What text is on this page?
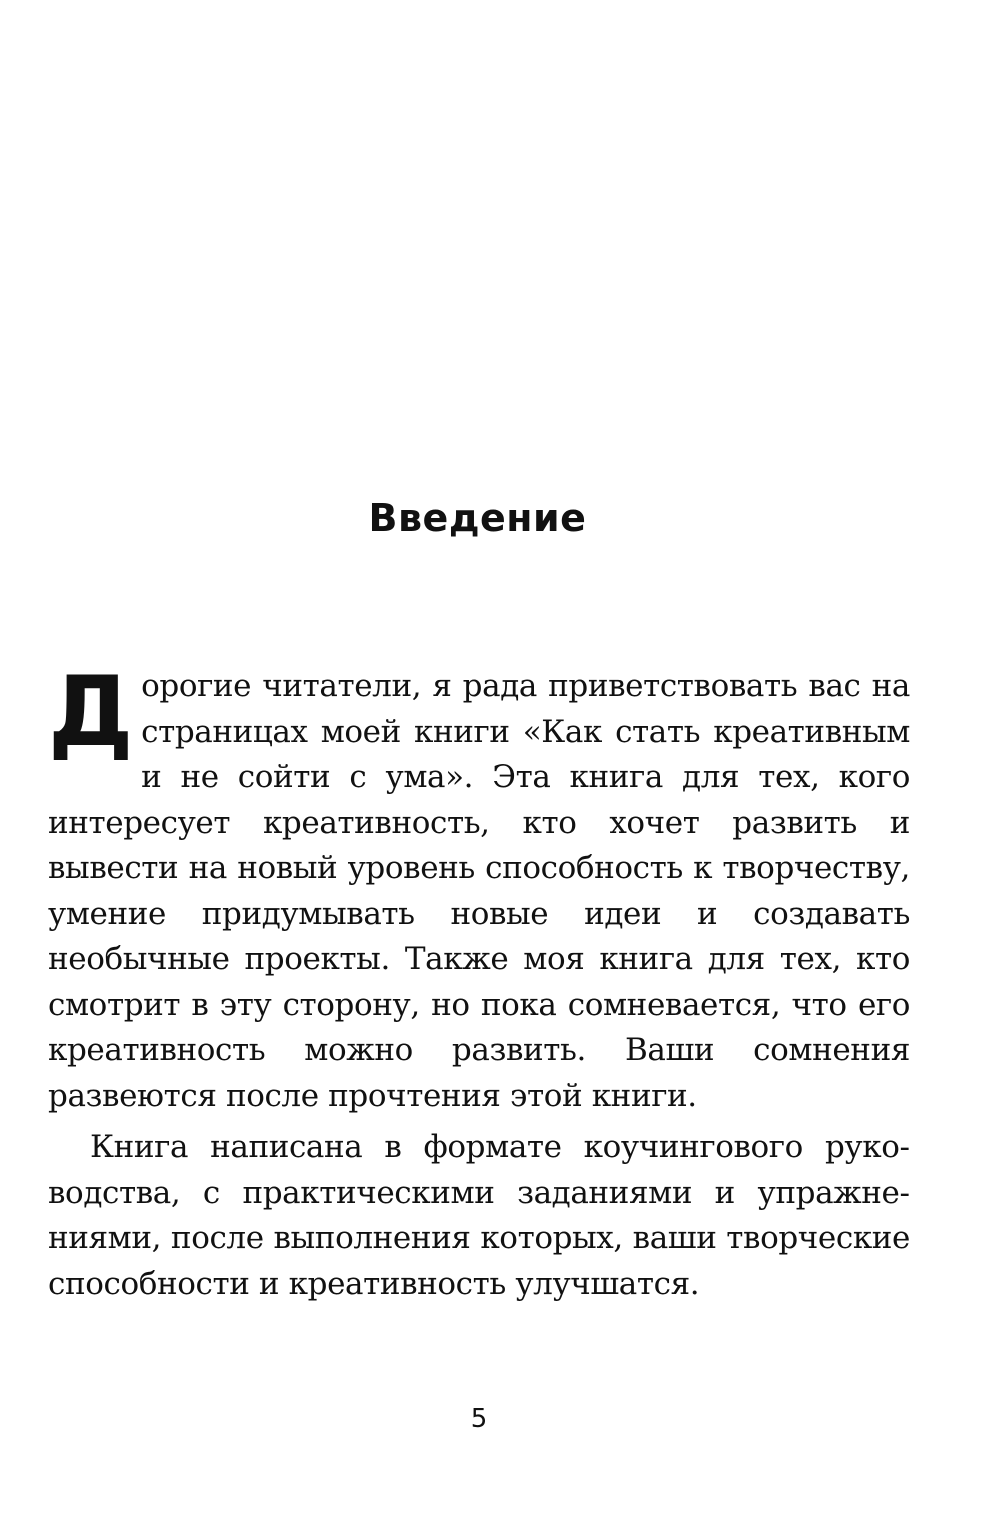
Введение

Дорогие читатели, я рада приветствовать вас на страницах моей книги «Как стать креативным и не сойти с ума». Эта книга для тех, кого интересует креативность, кто хочет развить и вывести на новый уровень способность к творчеству, умение придумывать новые идеи и создавать необычные проекты. Также моя книга для тех, кто смотрит в эту сторону, но пока сомневается, что его креативность можно развить. Ваши сомнения развеются после прочтения этой книги.

Книга написана в формате коучингового руководства, с практическими заданиями и упражнениями, после выполнения которых, ваши творческие способности и креативность улучшатся.

5
